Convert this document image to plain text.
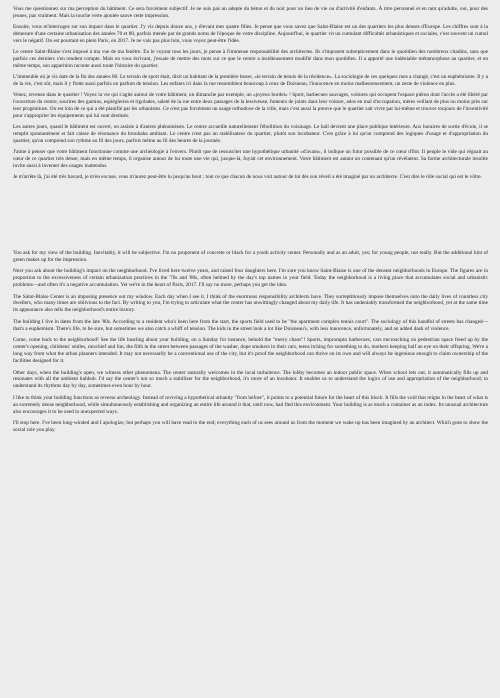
Vous me questionnez sur ma perception du bâtiment. Ce sera forcément subjectif. Je ne suis pas un adepte du béton et du noir pour un lieu de vie ou d'activité d'enfants. À titre personnel et en tant qu'adulte, oui, pour des jeunes, pas vraiment. Mais la touche verte ajoutée sauve cette impression.

Ensuite, vous m'interrogez sur son impact dans le quartier. J'y vis depuis douze ans, y élevant mes quatre filles. Je pense que vous savez que Saint-Blaise est un des quartiers les plus denses d'Europe. Les chiffres sont à la démesure d'une certaine urbanisation des années 70 et 80, parfois menée par de grands noms de l'époque de votre discipline. Aujourd'hui, le quartier vit un cumulant difficultés urbanistiques et sociales, c'est souvent un cumul vers le négatif. On est pourtant en plein Paris, en 2017. Je ne vais pas plus loin, vous voyez peut-être l'idée.

Le centre Saint-Blaise s'est imposé à ma vue de ma fenêtre. En le voyant tous les jours, je pense à l'immense responsabilité des architectes. Ils s'imposent subrepticement dans le quotidien des nombreux citadins, sans que parfois ces derniers s'en rendent compte. Mais en vous écrivant, j'essaie de mettre des mots sur ce que le centre a insidieusement modifié dans mon quotidien. Il a apporté une indéniable métamorphose au quartier, et en même temps, son apparition raconte aussi toute l'histoire du quartier.

L'immeuble où je vis date de la fin des années 80. Le terrain de sport était, dixit un habitant de la première heure, «le terrain de tennis de la résidence». La sociologie de ces quelques rues a changé, c'est un euphémisme. Il y a de la vie, c'est sûr, mais il y flotte aussi parfois un parfum de tension. Les enfants ici dans la rue ressemblent beaucoup à ceux de Doisneau, l'innocence en moins malheureusement, un zeste de violence en plus.

Venez, revenez dans le quartier ! Voyez la vie qui s'agite autour de votre bâtiment, un dimanche par exemple, un «joyeux bordel» ! Sport, barbecues sauvages, voitures qui occupent l'espace piéton dont l'accès a été libéré par l'ouverture du centre, sourires des gamins, espiègleries et rigolades, saleté de la rue entre deux passages de la lessiveuse, fumeurs de joints dans leur voiture, ados en mal d'occupation, mères veillant de plus ou moins près sur leur progéniture. On est loin de ce qui a été planifié par les urbanistes. Ce n'est pas forcément un usage orthodoxe de la ville, mais c'est aussi la preuve que le quartier sait vivre par lui-même et trouver toujours de l'inventivité pour s'approprier les équipements qui lui sont destinés.

Les autres jours, quand le bâtiment est ouvert, on assiste à d'autres phénomènes. Le centre accueille naturellement l'ébullition du voisinage. Le hall devient une place publique intérieure. Aux horaires de sortie d'école, il se remplit spontanément et fait caisse de résonance du brouhaha ambiant. Le centre n'est pas un stabilisateur du quartier, plutôt son incubateur. C'est grâce à lui qu'on comprend des logiques d'usage et d'appropriation du quartier, qu'on comprend son rythme au fil des jours, parfois même au fil des heures de la journée.

J'aime à penser que votre bâtiment fonctionne comme une archéologie à l'envers. Plutôt que de ressusciter une hypothétique urbanité «d'avant», il indique un futur possible de ce cœur d'îlot. Il peuple le vide qui régnait au cœur de ce quartier très dense, mais en même temps, il organise autour de lui toute une vie qui, jusque-là, fuyait cet environnement. Votre bâtiment est autant un contenant qu'un révélateur. Sa forme architecturale insolite invite aussi à inventer des usages inattendus.

Je m'arrête là, j'ai été très bavard, je m'en excuse, vous m'aurez peut-être lu jusqu'au bout ; tout ce que chacun de nous voit autour de lui dès son réveil a été imaginé par un architecte. C'est dire le rôle social qui est le vôtre.

You ask for my view of the building. Inevitably, it will be subjective. I'm no proponent of concrete or black for a youth activity center. Personally and as an adult, yes; for young people, not really. But the additional hint of green makes up for the impression.

Next you ask about the building's impact on the neighborhood. I've lived here twelve years, and raised four daughters here. I'm sure you know Saint-Blaise is one of the densest neighborhoods in Europe. The figures are in proportion to the excessiveness of certain urbanization practices in the '70s and '80s, often helmed by the day's top names in your field. Today the neighborhood is a living place that accumulates social and urbanistic problems—and often it's a negative accumulation. Yet we're in the heart of Paris, 2017. I'll say no more, perhaps you get the idea.

The Saint-Blaise Center is an imposing presence out my window. Each day when I see it, I think of the enormous responsibility architects have. They surreptitiously impose themselves onto the daily lives of countless city dwellers, who many times are oblivious to the fact. By writing to you, I'm trying to articulate what the center has unwittingly changed about my daily life. It has undeniably transformed the neighborhood, yet at the same time its appearance also tells the neighborhood's entire history.

The building I live in dates from the late '80s. According to a resident who's been here from the start, the sports field used to be "the apartment complex tennis court". The sociology of this handful of streets has changed—that's a euphemism. There's life, to be sure, but sometimes we also catch a whiff of tension. The kids in the street look a lot like Doisneau's, with less innocence, unfortunately, and an added dash of violence.

Come, come back to the neighborhood! See the life bustling about your building, on a Sunday for instance, behold the "merry chaos"! Sports, impromptu barbecues, cars encroaching on pedestrian space freed up by the center's opening, childrens' smiles, mischief and fun, the filth in the street between passages of the washer, dope smokers in their cars, teens itching for something to do, mothers keeping half an eye on their offspring. We're a long way from what the urban planners intended. It may not necessarily be a conventional use of the city, but it's proof the neighborhood can thrive on its own and will always be ingenious enough to claim ownership of the facilities designed for it.

Other days, when the building's open, we witness other phenomena. The center naturally welcomes in the local turbulence. The lobby becomes an indoor public space. When school lets out, it automatically fills up and resonates with all the ambient hubbub. I'd say the center's not so much a stabilizer for the neighborhood, it's more of an incubator. It enables us to understand the logics of use and appropriation of the neighborhood; to understand its rhythms day by day, sometimes even hour by hour.

I like to think your building functions as reverse archeology. Instead of reviving a hypothetical urbanity "from before", it points to a potential future for the heart of this block. It fills the void that reigns in the heart of what is an extremely dense neighborhood, while simultaneously establishing and organizing an entire life around it that, until now, had fled this environment. Your building is as much a container as an index. Its unusual architecture also encourages it to be used in unexpected ways.

I'll stop here. I've been long-winded and I apologize, but perhaps you will have read to the end; everything each of us sees around us from the moment we wake up has been imagined by an architect. Which goes to show the social role you play.
